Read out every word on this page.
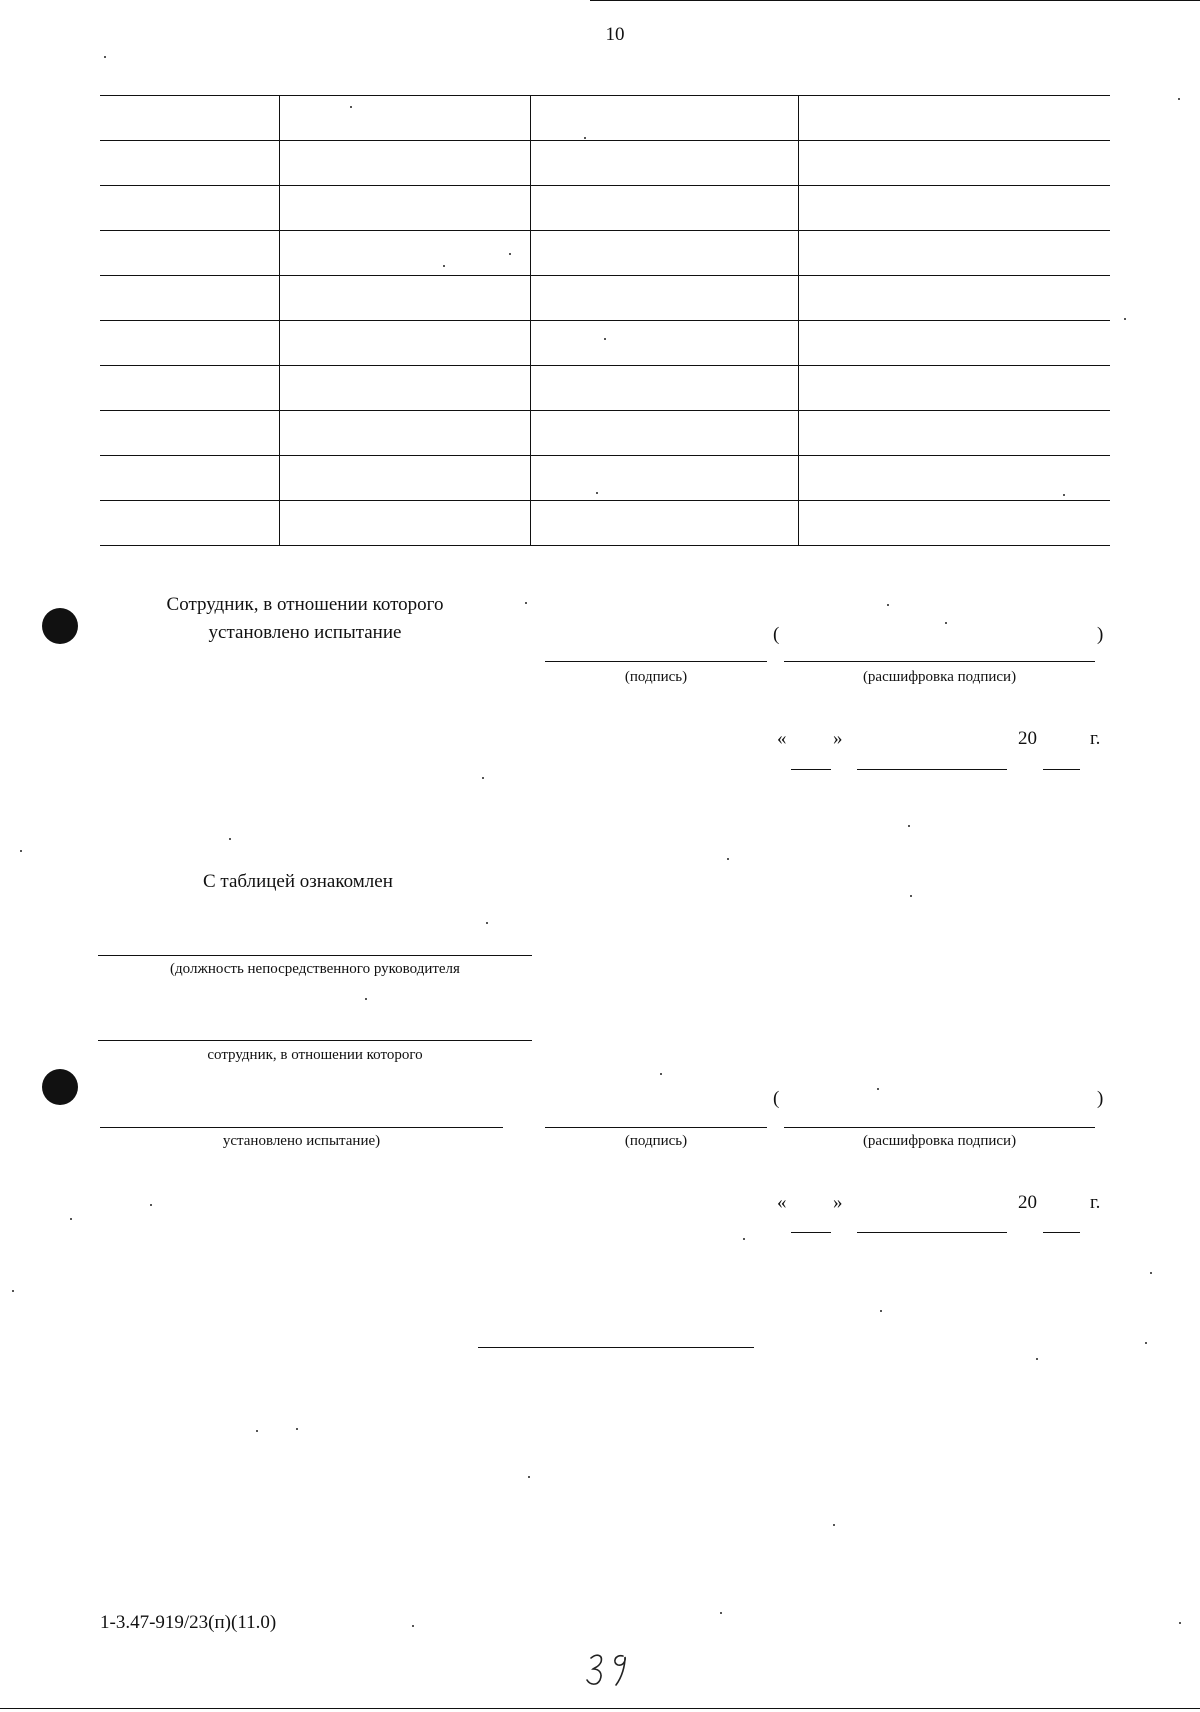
10
Сотрудник, в отношении которого
установлено испытание	(	)
(подпись)	(расшифровка подписи)
« »	20	г.
С таблицей ознакомлен
(должность непосредственного руководителя
сотрудник, в отношении которого
(	)
установлено испытание)	(подпись)	(расшифровка подписи)
« »	20	г.
1-3.47-919/23(п)(11.0)
